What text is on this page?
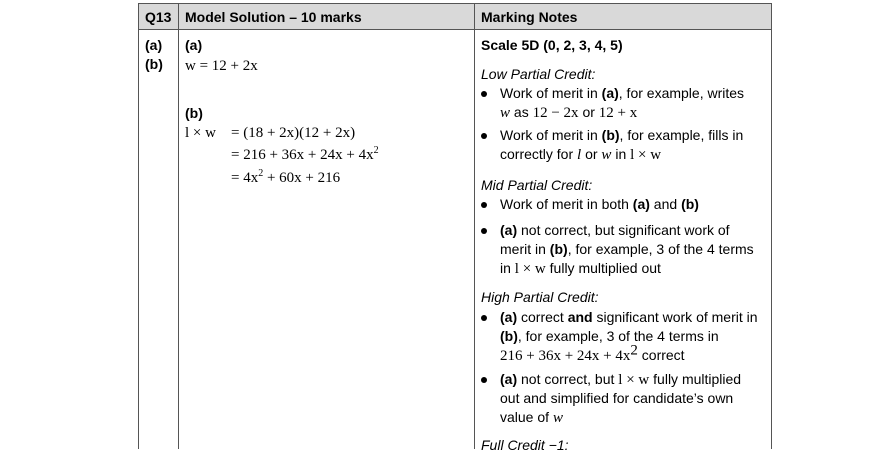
Q13 Model Solution – 10 marks	Marking Notes
(a)
(b)
(a)
w = 12 + 2x
(b)
l × w = (18 + 2x)(12 + 2x)
= $216 + 36x + 24x + 4x^2$
= $4x^2 + 60x + 216$
Scale 5D (0, 2, 3, 4, 5)
Low Partial Credit:
Work of merit in (a), for example, writes
w as 12 − 2x or 12 + x
Work of merit in (b), for example, fills in
correctly for l or w in l × w
Mid Partial Credit:
Work of merit in both (a) and (b)
(a) not correct, but significant work of
merit in (b), for example, 3 of the 4 terms
in l × w fully multiplied out
High Partial Credit:
(a) correct and significant work of merit in
(b), for example, 3 of the 4 terms in
$216 + 36x + 24x + 4x^2$ correct
(a) not correct, but l × w fully multiplied
out and simplified for candidate’s own
value of w
Full Credit −1:
